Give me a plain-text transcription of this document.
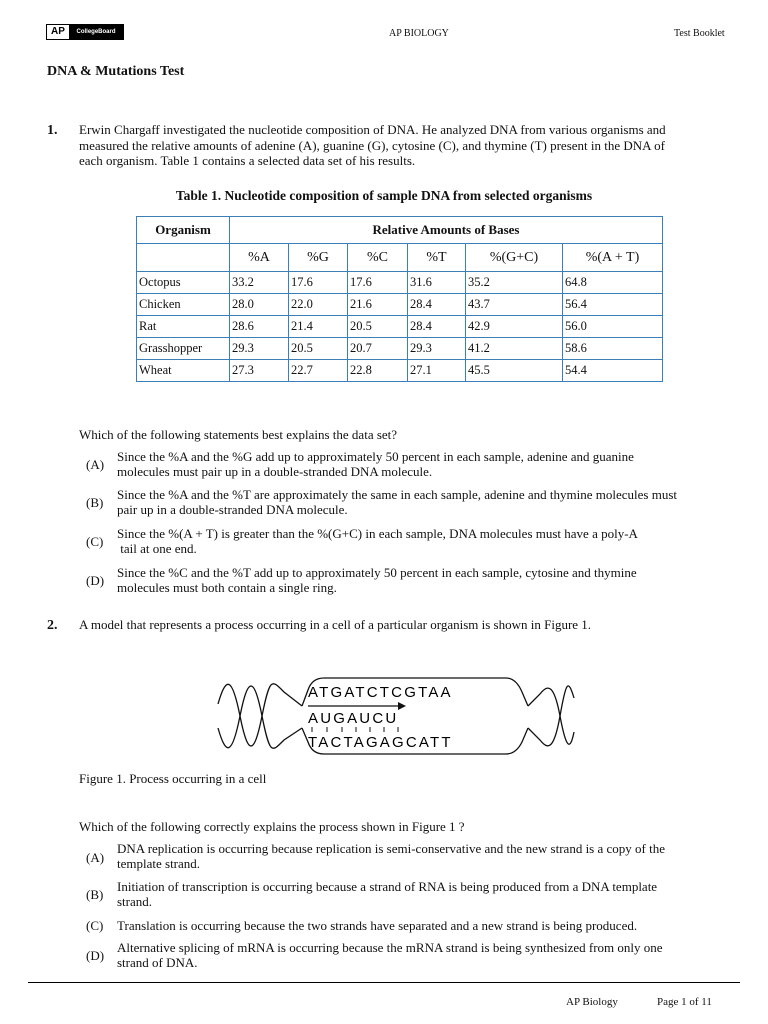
AP	CollegeBoard	AP BIOLOGY	Test Booklet
DNA & Mutations Test
1. Erwin Chargaff investigated the nucleotide composition of DNA. He analyzed DNA from various organisms and
measured the relative amounts of adenine (A), guanine (G), cytosine (C), and thymine (T) present in the DNA of
each organism. Table 1 contains a selected data set of his results.
Table 1. Nucleotide composition of sample DNA from selected organisms
Organism	Relative Amounts of Bases					
	%A	%G	%C	%T	%(G+C)	%(A + T)
Octopus	33.2	17.6	17.6	31.6	35.2	64.8
Chicken	28.0	22.0	21.6	28.4	43.7	56.4
Rat	28.6	21.4	20.5	28.4	42.9	56.0
Grasshopper	29.3	20.5	20.7	29.3	41.2	58.6
Wheat	27.3	22.7	22.8	27.1	45.5	54.4
Which of the following statements best explains the data set?
(A)
Since the %A and the %G add up to approximately 50 percent in each sample, adenine and guanine
molecules must pair up in a double-stranded DNA molecule.
(B)
Since the %A and the %T are approximately the same in each sample, adenine and thymine molecules must
pair up in a double-stranded DNA molecule.
(C)
Since the %(A + T) is greater than the %(G+C) in each sample, DNA molecules must have a poly-A
tail at one end.
(D)
Since the %C and the %T add up to approximately 50 percent in each sample, cytosine and thymine
molecules must both contain a single ring.
2. A model that represents a process occurring in a cell of a particular organism is shown in Figure 1.
ATGATCTCGTAA
AUGAUCU
TACTAGAGCATT
Figure 1. Process occurring in a cell
Which of the following correctly explains the process shown in Figure 1 ?
(A)
DNA replication is occurring because replication is semi-conservative and the new strand is a copy of the
template strand.
(B)
Initiation of transcription is occurring because a strand of RNA is being produced from a DNA template
strand.
(C) Translation is occurring because the two strands have separated and a new strand is being produced.
(D)
Alternative splicing of mRNA is occurring because the mRNA strand is being synthesized from only one
strand of DNA.
AP Biology	Page 1 of 11
